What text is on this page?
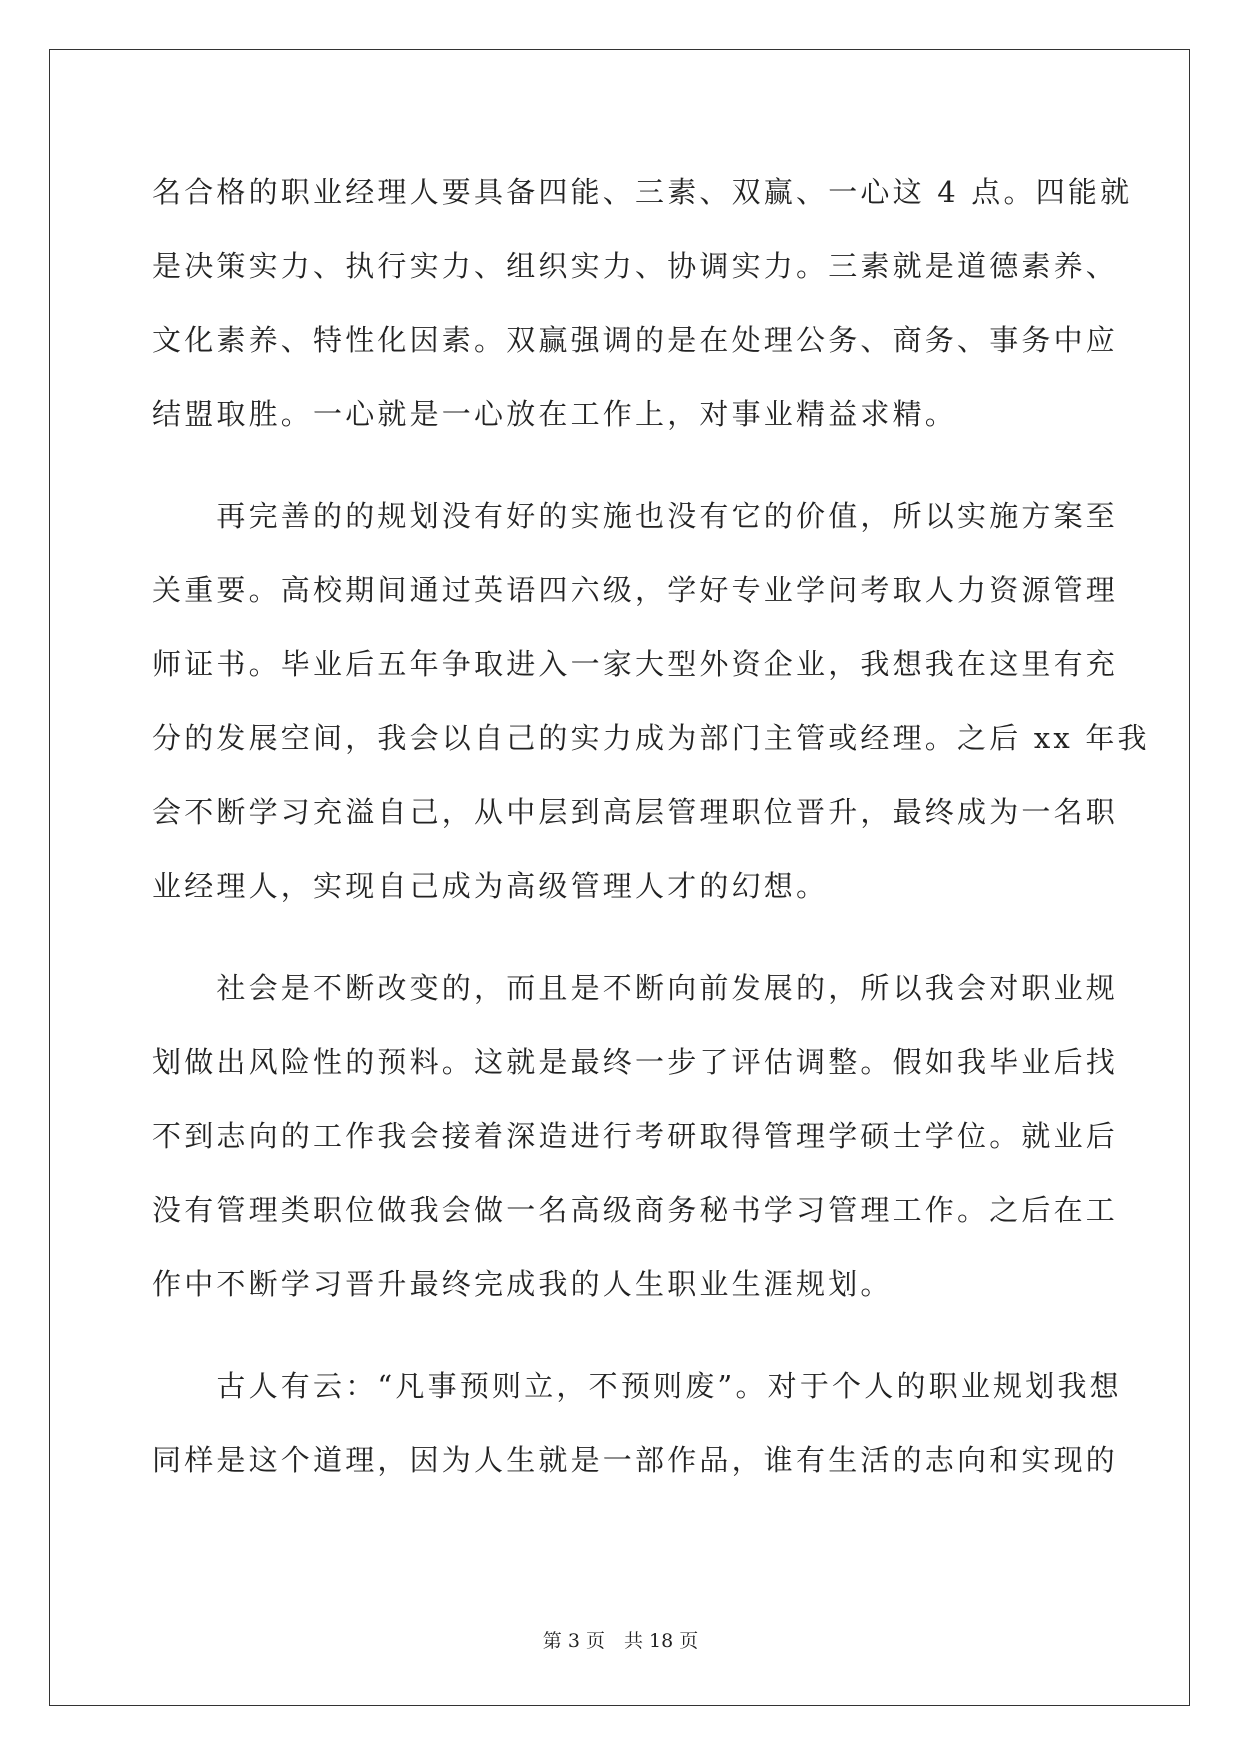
名合格的职业经理人要具备四能、三素、双赢、一心这 4 点。四能就
是决策实力、执行实力、组织实力、协调实力。三素就是道德素养、
文化素养、特性化因素。双赢强调的是在处理公务、商务、事务中应
结盟取胜。一心就是一心放在工作上，对事业精益求精。
　　再完善的的规划没有好的实施也没有它的价值，所以实施方案至
关重要。高校期间通过英语四六级，学好专业学问考取人力资源管理
师证书。毕业后五年争取进入一家大型外资企业，我想我在这里有充
分的发展空间，我会以自己的实力成为部门主管或经理。之后 xx 年我
会不断学习充溢自己，从中层到高层管理职位晋升，最终成为一名职
业经理人，实现自己成为高级管理人才的幻想。
　　社会是不断改变的，而且是不断向前发展的，所以我会对职业规
划做出风险性的预料。这就是最终一步了评估调整。假如我毕业后找
不到志向的工作我会接着深造进行考研取得管理学硕士学位。就业后
没有管理类职位做我会做一名高级商务秘书学习管理工作。之后在工
作中不断学习晋升最终完成我的人生职业生涯规划。
　　古人有云：“凡事预则立，不预则废”。对于个人的职业规划我想
同样是这个道理，因为人生就是一部作品，谁有生活的志向和实现的
第 3 页　共 18 页
